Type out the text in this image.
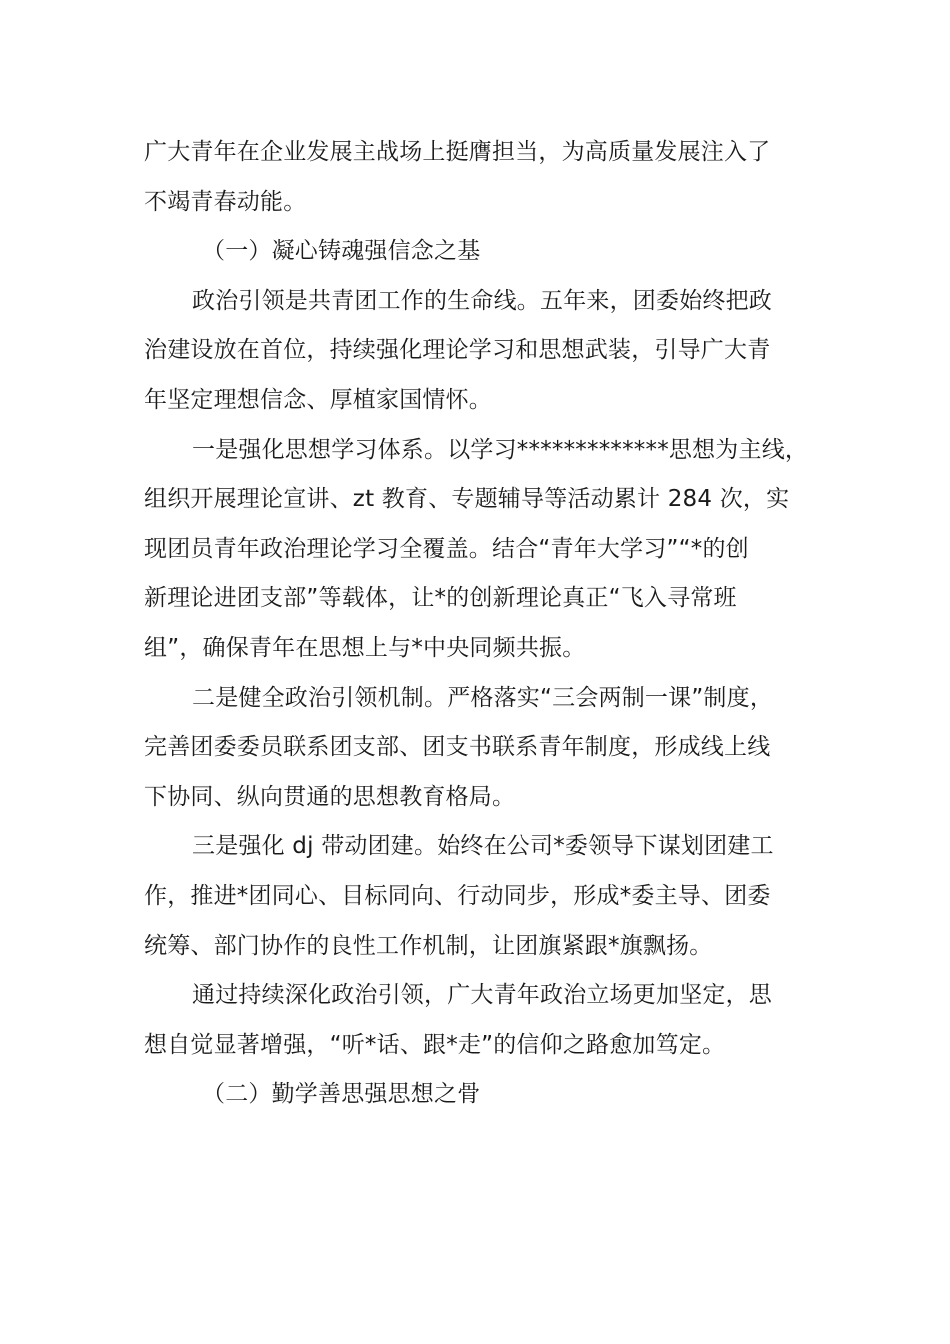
广大青年在企业发展主战场上挺膺担当，为高质量发展注入了
不竭青春动能。
（一）凝心铸魂强信念之基
政治引领是共青团工作的生命线。五年来，团委始终把政
治建设放在首位，持续强化理论学习和思想武装，引导广大青
年坚定理想信念、厚植家国情怀。
一是强化思想学习体系。以学习*************思想为主线，
组织开展理论宣讲、zt 教育、专题辅导等活动累计 284 次，实
现团员青年政治理论学习全覆盖。结合“青年大学习”“*的创
新理论进团支部”等载体，让*的创新理论真正“飞入寻常班
组”，确保青年在思想上与*中央同频共振。
二是健全政治引领机制。严格落实“三会两制一课”制度，
完善团委委员联系团支部、团支书联系青年制度，形成线上线
下协同、纵向贯通的思想教育格局。
三是强化 dj 带动团建。始终在公司*委领导下谋划团建工
作，推进*团同心、目标同向、行动同步，形成*委主导、团委
统筹、部门协作的良性工作机制，让团旗紧跟*旗飘扬。
通过持续深化政治引领，广大青年政治立场更加坚定，思
想自觉显著增强，“听*话、跟*走”的信仰之路愈加笃定。
（二）勤学善思强思想之骨
